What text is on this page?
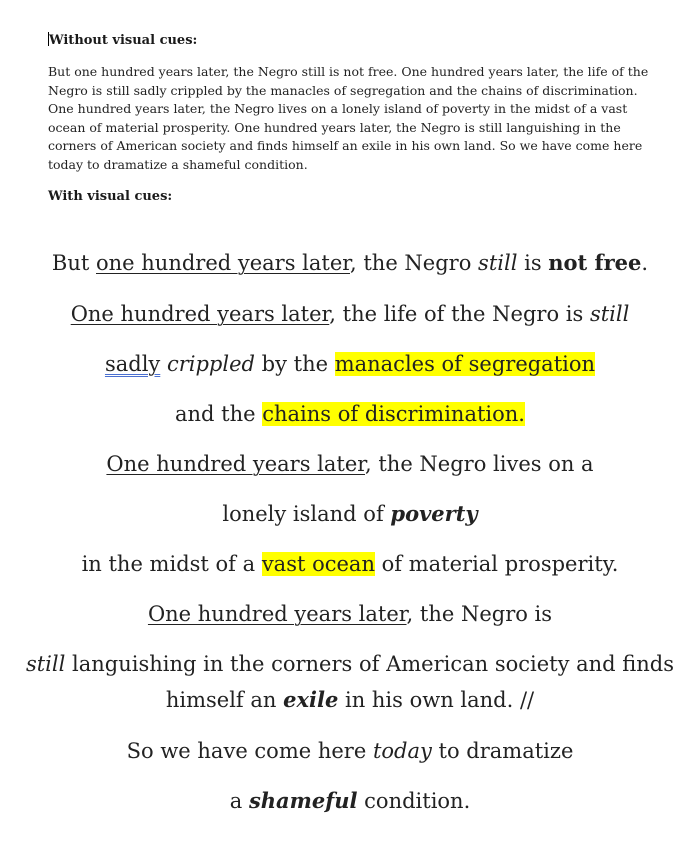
Without visual cues:
But one hundred years later, the Negro still is not free. One hundred years later, the life of the Negro is still sadly crippled by the manacles of segregation and the chains of discrimination. One hundred years later, the Negro lives on a lonely island of poverty in the midst of a vast ocean of material prosperity. One hundred years later, the Negro is still languishing in the corners of American society and finds himself an exile in his own land. So we have come here today to dramatize a shameful condition.
With visual cues:
But one hundred years later, the Negro still is not free.
One hundred years later, the life of the Negro is still
sadly crippled by the manacles of segregation
and the chains of discrimination.
One hundred years later, the Negro lives on a
lonely island of poverty
in the midst of a vast ocean of material prosperity.
One hundred years later, the Negro is
still languishing in the corners of American society and finds
himself an exile in his own land. //
So we have come here today to dramatize
a shameful condition.
